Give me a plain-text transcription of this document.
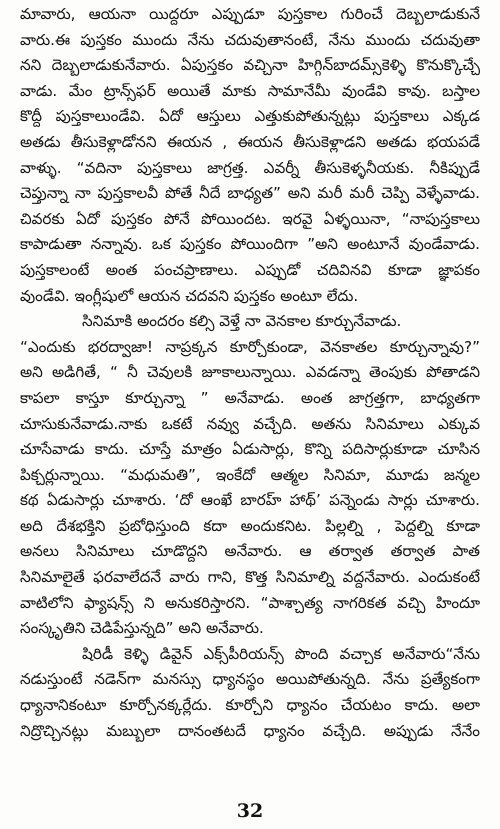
మావారు, ఆయనా యిద్దరూ ఎప్పుడూ పుస్తకాల గురించే దెబ్బలాడుకునే
వారు.ఈ పుస్తకం ముందు నేను చదువుతానంటే, నేను ముందు చదువుతా
నని దెబ్బలాడుకునేవారు. ఏపుస్తకం వచ్చినా హిగ్గిన్‌బాదమ్స్‌కెళ్ళి కొనుక్కొచ్చే
వాడు. మేం ట్రాన్స్‌ఫర్ అయితే మాకు సామానేమీ వుండేవి కావు. బస్తాల
కొద్దీ పుస్తకాలుండేవి. ఏదో ఆస్తులు ఎత్తుకుపోతున్నట్లు పుస్తకాలు ఎక్కడ
అతడు తీసుకెళ్లాడోనని ఈయన , ఈయన తీసుకెళ్లాడని అతడు భయపడే
వాళ్ళు. “వదినా పుస్తకాలు జాగ్రత్త. ఎవర్నీ తీసుకెళ్ళనీయకు. నీకిప్పుడే
చెప్తున్నా నా పుస్తకాలవీ పోతే నీదే బాధ్యత” అని మరీ మరీ చెప్పి వెళ్ళేవాడు.
చివరకు ఏదో పుస్తకం పోనే పోయిందట. ఇరవై ఏళ్ళయినా, “నాపుస్తకాలు
కాపాడుతా నన్నావు. ఒక పుస్తకం పోయిందిగా ”అని అంటూనే వుండేవాడు.
పుస్తకాలంటే అంత పంచప్రాణాలు. ఎప్పుడో చదివినవి కూడా జ్ఞాపకం
వుండేవి. ఇంగ్లీషులో ఆయన చదవని పుస్తకం అంటూ లేదు.
సినిమాకి అందరం కల్సి వెళ్తే నా వెనకాల కూర్చునేవాడు.
“ఎందుకు భరద్వాజా! నాప్రక్కన కూర్చోకుండా, వెనకాతల కూర్చున్నావు?”
అని అడిగితే, “ నీ చెవులకి జూకాలున్నాయి. ఎవడన్నా తెంపుకు పోతాడని
కాపలా కాస్తూ కూర్చున్నా ” అనేవాడు. అంత జాగ్రత్తగా, బాధ్యతగా
చూసుకునేవాడు.నాకు ఒకటే నవ్వు వచ్చేది. అతను సినిమాలు ఎక్కువ
చూసేవాడు కాదు. చూస్తే మాత్రం ఏడుసార్లు, కొన్ని పదిసార్లుకూడా చూసిన
పిక్చర్లున్నాయి. “మధుమతి”, ఇంకేదో ఆత్మల సినిమా, మూడు జన్మల
కథ ఏడుసార్లు చూశారు. ‘దో ఆంఖే బారహ్ హాథ్’ పన్నెండు సార్లు చూశారు.
అది దేశభక్తిని ప్రబోధిస్తుంది కదా అందుకనిట. పిల్లల్ని , పెద్దల్ని కూడా
అనలు సినిమాలు చూడొద్దని అనేవారు. ఆ తర్వాత తర్వాత పాత
సినిమాలైతే ఫరవాలేదనే వారు గాని, కొత్త సినిమాల్ని వద్దనేవారు. ఎందుకంటే
వాటిలోని ఫ్యాషన్స్ ని అనుకరిస్తారని. “పాశ్చాత్య నాగరికత వచ్చి హిందూ
సంస్కృతిని చెడిపేస్తున్నది” అని అనేవారు.
షిరిడీ కెళ్ళి డివైన్ ఎక్స్‌పీరియన్స్ పొంది వచ్చాక అనేవారు“నేను
నడుస్తుంటే నడెన్‌గా మనస్సు ధ్యానస్థం అయిపోతున్నది. నేను ప్రత్యేకంగా
ధ్యానానికంటూ కూర్చోనక్కర్లేదు. కూర్చోని ధ్యానం చేయటం కాదు. అలా
నిద్రొచ్చినట్లు మబ్బులా దానంతటదే ధ్యానం వచ్చేది. అప్పుడు నేనేం
32
